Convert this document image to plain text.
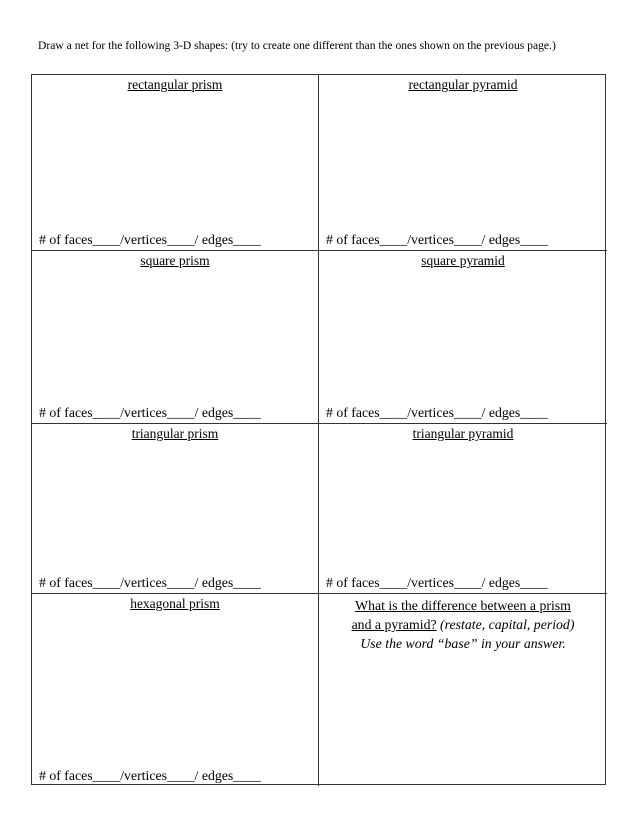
Draw a net for the following 3-D shapes: (try to create one different than the ones shown on the previous page.)

rectangular prism

# of faces____/vertices____/ edges____

rectangular pyramid

# of faces____/vertices____/ edges____

square prism

# of faces____/vertices____/ edges____

square pyramid

# of faces____/vertices____/ edges____

triangular prism

# of faces____/vertices____/ edges____

triangular pyramid

# of faces____/vertices____/ edges____

hexagonal prism

# of faces____/vertices____/ edges____

What is the difference between a prism
and a pyramid? (restate, capital, period)
Use the word “base” in your answer.
